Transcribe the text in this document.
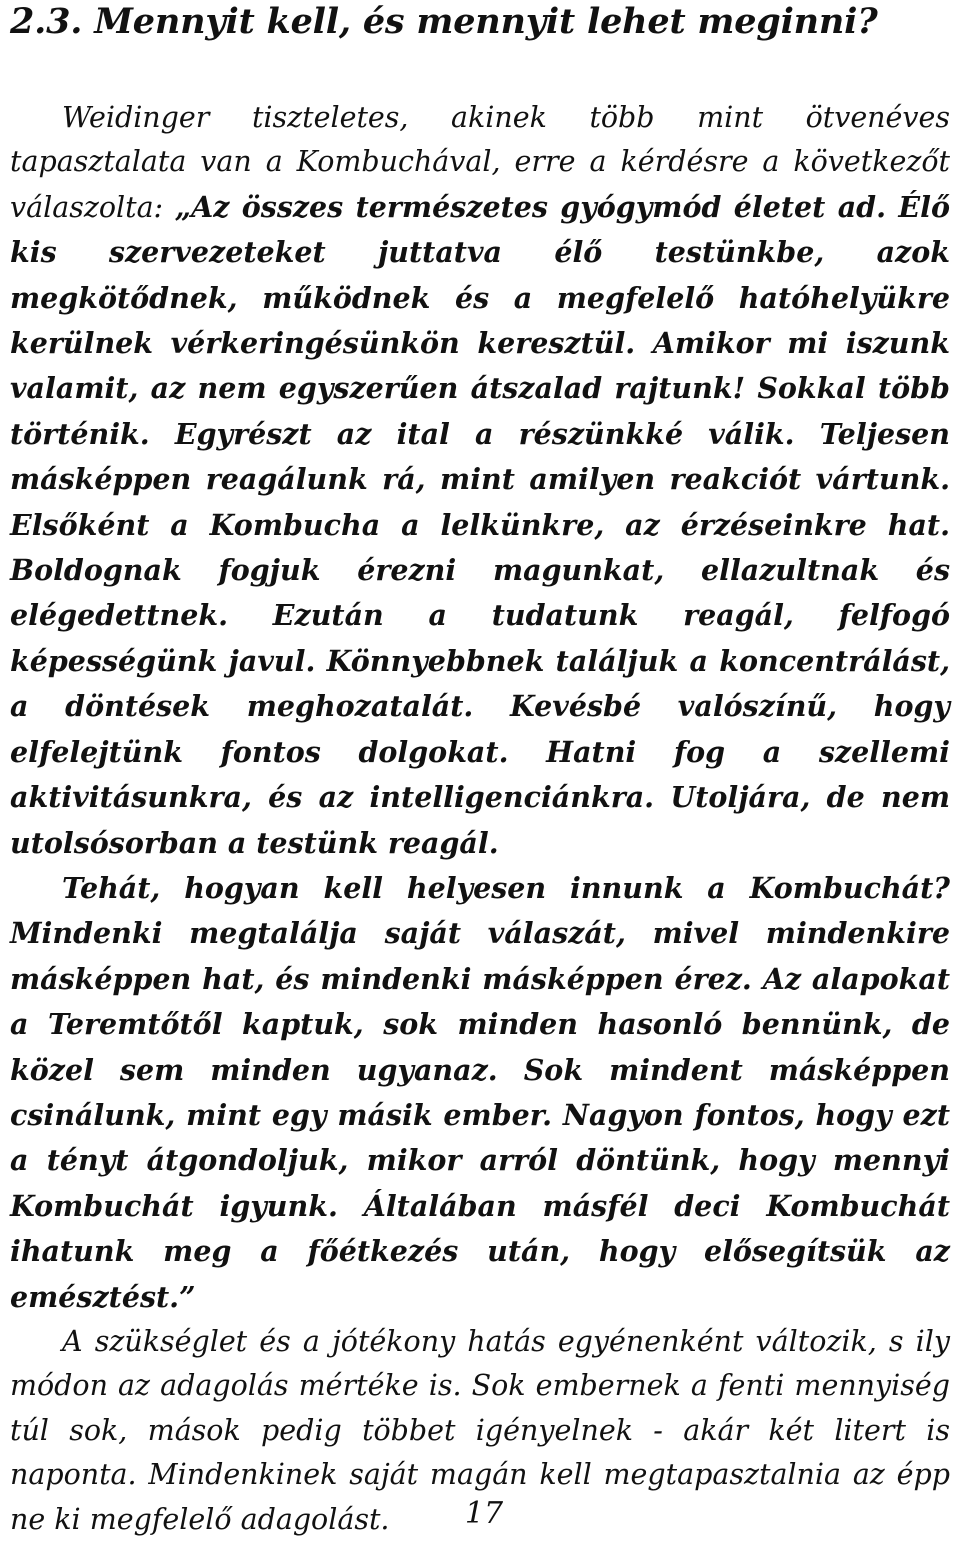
2.3. Mennyit kell, és mennyit lehet meginni?

Weidinger tiszteletes, akinek több mint ötvenéves tapasztalata van a Kombuchával, erre a kérdésre a következőt válaszolta: „Az összes természetes gyógymód életet ad. Élő kis szervezeteket juttatva élő testünkbe, azok megkötődnek, működnek és a megfelelő hatóhelyükre kerülnek vérkeringésünkön keresztül. Amikor mi iszunk valamit, az nem egyszerűen átszalad rajtunk! Sokkal több történik. Egyrészt az ital a részünkké válik. Teljesen másképpen reagálunk rá, mint amilyen reakciót vártunk. Elsőként a Kombucha a lelkünkre, az érzéseinkre hat. Boldognak fogjuk érezni magunkat, ellazultnak és elégedettnek. Ezután a tudatunk reagál, felfogó képességünk javul. Könnyebbnek találjuk a koncentrálást, a döntések meghozatalát. Kevésbé valószínű, hogy elfelejtünk fontos dolgokat. Hatni fog a szellemi aktivitásunkra, és az intelligenciánkra. Utoljára, de nem utolsósorban a testünk reagál.

Tehát, hogyan kell helyesen innunk a Kombuchát? Mindenki megtalálja saját válaszát, mivel mindenkire másképpen hat, és mindenki másképpen érez. Az alapokat a Teremtőtől kaptuk, sok minden hasonló bennünk, de közel sem minden ugyanaz. Sok mindent másképpen csinálunk, mint egy másik ember. Nagyon fontos, hogy ezt a tényt átgondoljuk, mikor arról döntünk, hogy mennyi Kombuchát igyunk. Általában másfél deci Kombuchát ihatunk meg a főétkezés után, hogy elősegítsük az emésztést.”

A szükséglet és a jótékony hatás egyénenként változik, s ily módon az adagolás mértéke is. Sok embernek a fenti mennyiség túl sok, mások pedig többet igényelnek - akár két litert is naponta. Mindenkinek saját magán kell megtapasztalnia az épp ne ki megfelelő adagolást.	17
